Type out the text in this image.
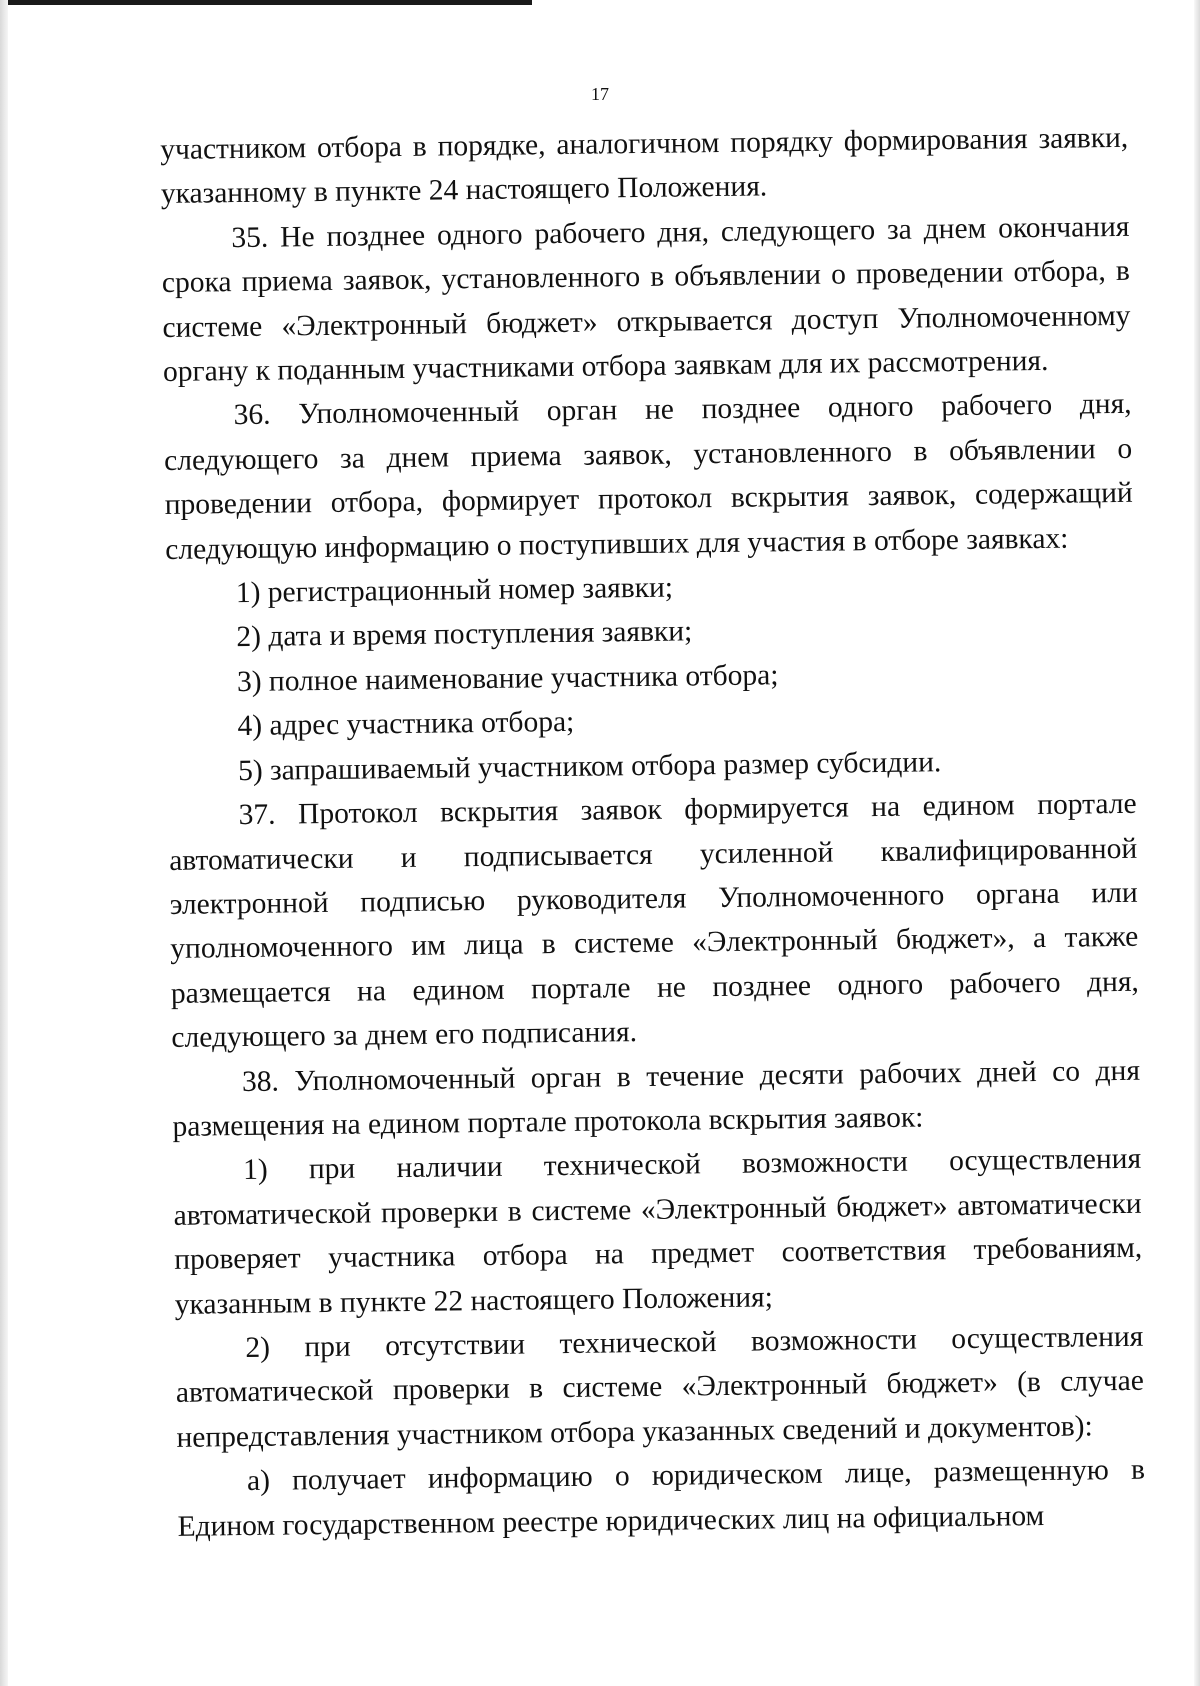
17

участником отбора в порядке, аналогичном порядку формирования заявки, указанному в пункте 24 настоящего Положения.

35. Не позднее одного рабочего дня, следующего за днем окончания срока приема заявок, установленного в объявлении о проведении отбора, в системе «Электронный бюджет» открывается доступ Уполномоченному органу к поданным участниками отбора заявкам для их рассмотрения.

36. Уполномоченный орган не позднее одного рабочего дня, следующего за днем приема заявок, установленного в объявлении о проведении отбора, формирует протокол вскрытия заявок, содержащий следующую информацию о поступивших для участия в отборе заявках:

1) регистрационный номер заявки;

2) дата и время поступления заявки;

3) полное наименование участника отбора;

4) адрес участника отбора;

5) запрашиваемый участником отбора размер субсидии.

37. Протокол вскрытия заявок формируется на едином портале автоматически и подписывается усиленной квалифицированной электронной подписью руководителя Уполномоченного органа или уполномоченного им лица в системе «Электронный бюджет», а также размещается на едином портале не позднее одного рабочего дня, следующего за днем его подписания.

38. Уполномоченный орган в течение десяти рабочих дней со дня размещения на едином портале протокола вскрытия заявок:

1) при наличии технической возможности осуществления автоматической проверки в системе «Электронный бюджет» автоматически проверяет участника отбора на предмет соответствия требованиям, указанным в пункте 22 настоящего Положения;

2) при отсутствии технической возможности осуществления автоматической проверки в системе «Электронный бюджет» (в случае непредставления участником отбора указанных сведений и документов):

а) получает информацию о юридическом лице, размещенную в Едином государственном реестре юридических лиц на официальном
